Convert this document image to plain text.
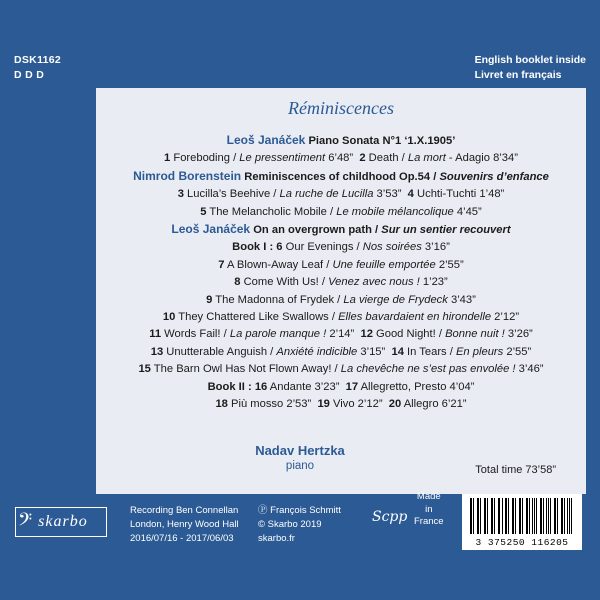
DSK1162
D D D
English booklet inside
Livret en français
Réminiscences
Leoš Janáček Piano Sonata N°1 ‘1.X.1905’
1 Foreboding / Le pressentiment 6’48” 2 Death / La mort - Adagio 8’34”
Nimrod Borenstein Reminiscences of childhood Op.54 / Souvenirs d’enfance
3 Lucilla’s Beehive / La ruche de Lucilla 3’53” 4 Uchti-Tuchti 1’48”
5 The Melancholic Mobile / Le mobile mélancolique 4’45”
Leoš Janáček On an overgrown path / Sur un sentier recouvert
Book I : 6 Our Evenings / Nos soirées 3’16”
7 A Blown-Away Leaf / Une feuille emportée 2’55”
8 Come With Us! / Venez avec nous ! 1’23”
9 The Madonna of Frydek / La vierge de Frydeck 3’43”
10 They Chattered Like Swallows / Elles bavardaient en hirondelle 2’12”
11 Words Fail! / La parole manque ! 2’14” 12 Good Night! / Bonne nuit ! 3’26”
13 Unutterable Anguish / Anxiété indicible 3’15” 14 In Tears / En pleurs 2’55”
15 The Barn Owl Has Not Flown Away! / La chevêche ne s’est pas envolée ! 3’46”
Book II : 16 Andante 3’23” 17 Allegretto, Presto 4’04”
18 Più mosso 2’53” 19 Vivo 2’12” 20 Allegro 6’21”
Nadav Hertzka
piano	Total time 73’58”
𝄢 skarbo
Recording Ben Connellan
London, Henry Wood Hall
2016/07/16 - 2017/06/03
Ⓟ François Schmitt
© Skarbo 2019
skarbo.fr
Scpp
Made
in
France
3 375250 116205
